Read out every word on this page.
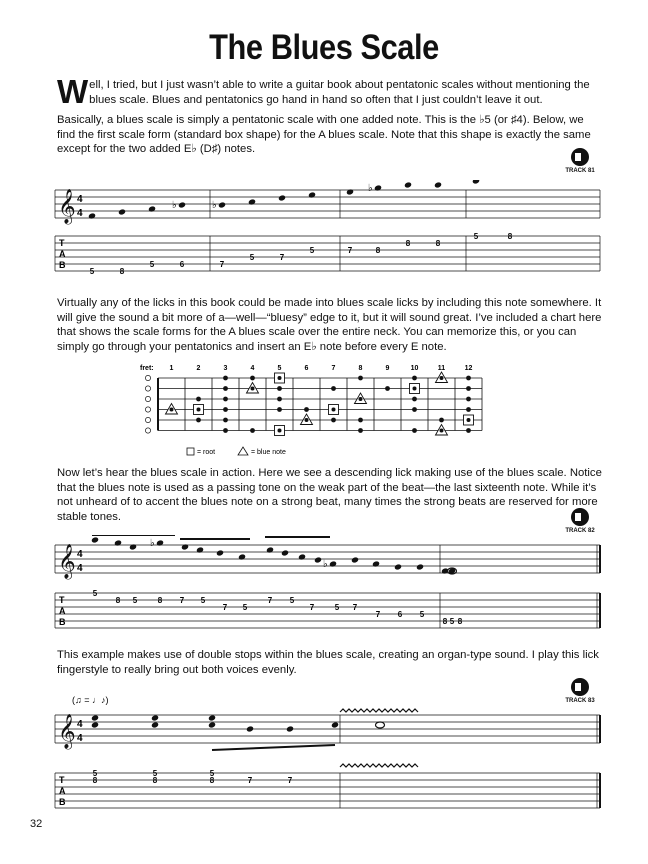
The Blues Scale
Well, I tried, but I just wasn’t able to write a guitar book about pentatonic scales without mentioning the blues scale. Blues and pentatonics go hand in hand so often that I just couldn’t leave it out.
Basically, a blues scale is simply a pentatonic scale with one added note. This is the ♭5 (or ♯4). Below, we find the first scale form (standard box shape) for the A blues scale. Note that this shape is exactly the same except for the two added E♭ (D♯) notes.
TRACK 81
𝄞 4
4
T
A
B
♭	♭
♭
5	8
5	6	7
5	7
5	7	8
8	8
5	8
Virtually any of the licks in this book could be made into blues scale licks by including this note somewhere. It will give the sound a bit more of a—well—“bluesy” edge to it, but it will sound great. I’ve included a chart here that shows the scale forms for the A blues scale over the entire neck. You can memorize this, or you can simply go through your pentatonics and insert an E♭ note before every E note.
fret: 1	2	3	4	5	6	7	8	9	10	11	12
= root	= blue note
Now let’s hear the blues scale in action. Here we see a descending lick making use of the blues scale. Notice that the blues note is used as a passing tone on the weak part of the beat—the last sixteenth note. While it’s not unheard of to accent the blues note on a strong beat, many times the strong beats are reserved for more stable tones.
TRACK 82
𝄞 4
4
T
A
B
♭
♭
5
8 5	8 7 5
7 5
7 5
7	5 7
7 6 5
8 5 8
This example makes use of double stops within the blues scale, creating an organ-type sound. I play this lick fingerstyle to really bring out both voices evenly.
TRACK 83
(♫ = ♩♪)
𝄞 4
4
T
A
B
5
8
5
8
5
8	7	7
32
